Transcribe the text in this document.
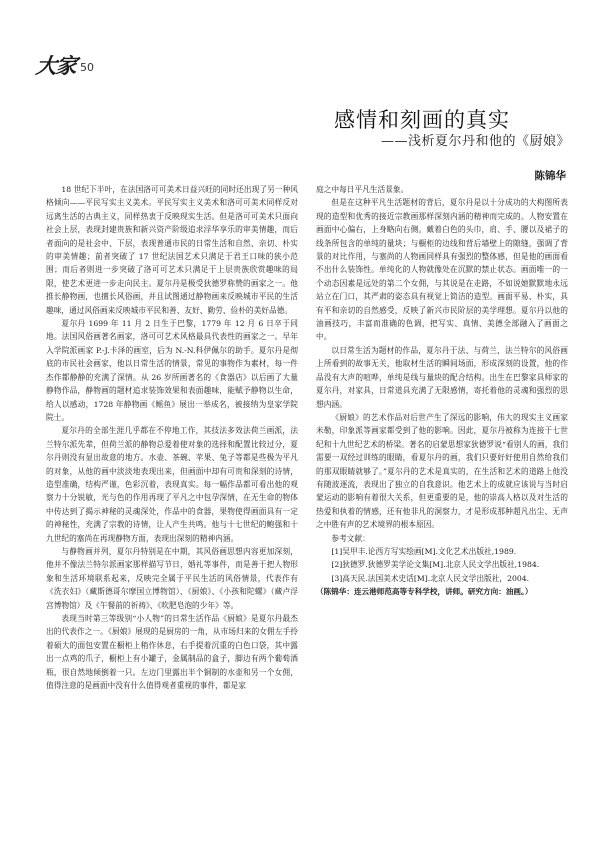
大家 50
感情和刻画的真实
——浅析夏尔丹和他的《厨娘》
陈锦华

18 世纪下半叶，在法国洛可可美术日益兴旺的同时还出现了另一种风格倾向——平民写实主义美术。平民写实主义美术和洛可可美术同样反对远离生活的古典主义，同样热衷于反映现实生活。但是洛可可美术只面向社会上层，表现封建贵族和新兴资产阶级追求浮华享乐的审美情趣，而后者面向的是社会中、下层，表现普通市民的日常生活和自然、亲切、朴实的审美情趣；前者突破了 17 世纪法国艺术只满足于君王口味的狭小范围；而后者则进一步突破了洛可可艺术只满足于上层贵族欣赏趣味的局限，使艺术更进一步走向民主。夏尔丹是极受狄德罗称赞的画家之一。他推长静物画，也擅长风俗画，并且试图通过静物画来反映城市平民的生活趣味，通过风俗画来反映城市平民和善、友好、勤劳、俭朴的美好品德。

夏尔丹 1699 年 11 月 2 日生于巴黎，1779 年 12 月 6 日卒于同地。法国风俗画著名画家，洛可可艺术风格最具代表性的画家之一。早年入学院派画家 P.-J.卡泽的画室，后为 N.-N.科伊佩尔的助手。夏尔丹是彻底的市民社会画家，他以日常生活的情景，常见的事物作为素材，每一件杰作都静静的充满了深情。从 26 岁所画著名的《食器店》以后画了大量静物作品，静物画的题材追求装饰效果和表面趣味，能赋予静物以生命，给人以感动，1728 年静物画《鳐鱼》展出一举成名，被接纳为皇家学院院士。

夏尔丹的全部生涯几乎都在不停地工作，其技法多效法荷兰画派，法兰特尔派先辈，但荷兰派的静物总爱着使对象的选择和配置比较过分，夏尔丹则没有显出故意的地方。水壶、茶碗、苹果、兔子等都是些极为平凡的对象，从他的画中淡淡地表现出来，但画面中却有可贵和深刻的诗情，造型准确，结构严谨，色彩沉着，表现真实。每一幅作品都可看出他的观察力十分锐敏，光与色的作用再现了平凡之中包孕深情，在无生命的物体中传达到了揭示神秘的灵魂深处，作品中的食器，果物使得画面具有一定的神秘性，充满了宗教的诗情，让人产生共鸣。他与十七世纪的鲍强和十九世纪的塞尚在再现静物方面，表现出深刻的精神内涵。

与静物画并列，夏尔丹特别是在中期，其风俗画思想内容更加深刻，他并不像法兰特尔派画家那样描写节日，婚礼等事件，而是善于把人物形象和生活环境联系起来，反映完全属于平民生活的风俗情景，代表作有《洗衣妇》（藏斯德哥尔摩国立博物馆）、《厨娘》、《小孩和陀螺》（藏卢浮宫博物馆）及《午餐前的祈祷》、《吹肥皂泡的少年》等。

表现当时第三等级别“小人物”的日常生活作品《厨娘》是夏尔丹最杰出的代表作之一。《厨娘》展现的是厨房的一角，从市场归来的女佣左手拎着硕大的面包安置在橱柜上稍作休息，右手提着沉重的白色口袋，其中露出一点鸡的爪子，橱柜上有小罐子，金属制品的盒子，脚边有两个葡萄酒瓶，很自然地倾倒着一只。左边门里露出半个铜制的水壶和另一个女佣，值得注意的是画面中没有什么值得观者重视的事件，都是家

庭之中每日平凡生活景象。

但是在这种平凡生活题材的背后，夏尔丹是以十分成功的大构图所表现的造型和优秀的接近宗教画那样深刻内涵的精神而完成的。人物安置在画面中心偏右，上身略向右侧。戴着白色的头巾，肩、手、腰以及裙子的线条所包含的单纯的量块；与橱柜的边线和背后墙壁上的隙缝，强调了背景的对比作用，与塞尚的人物画同样具有强烈的整体感，但是他的画面看不出什么装饰性。单纯化的人物就像处在沉默的禁止状态。画面唯一的一个动态因素是远处的第二个女佣，与其说是在走路，不如说她默默地永远站立在门口，其严肃的姿态具有视觉上简洁的造型。画面平易、朴实，具有平和亲切的自然感受，反映了新兴市民阶层的美学理想。夏尔丹以他的油画技巧，丰富而准确的色调，把写实、真情、美德全部融入了画面之中。

以日常生活为题材的作品，夏尔丹于法、与荷兰，法兰特尔的风俗画上所看到的故事无关，他取材生活的瞬间场面，形成深刻的设置，他的作品没有大声的喧哗，单纯是线与量块的配合结构。出生在巴黎家具师家的夏尔丹，对家具，日常道具充满了无限感情，寄托着他的灵魂和强烈的思想内涵。

《厨娘》的艺术作品对后世产生了深远的影响，伟大的现实主义画家米勒，印象派等画家都受到了他的影响。因此，夏尔丹被称为连接于七世纪和十九世纪艺术的桥梁。著名的启蒙思想家狄德罗说“看别人的画，我们需要一双经过训练的眼睛，看夏尔丹的画，我们只要好好使用自然给我们的那双眼睛就够了。”夏尔丹的艺术是真实的，在生活和艺术的道路上他没有随波逐流，表现出了独立的自我意识。他艺术上的成就应该说与当时启蒙运动的影响有着很大关系，但更重要的是，他的崇高人格以及对生活的热爱和执着的情感，还有他非凡的洞察力，才是形成那种超凡出尘、无声之中胜有声的艺术境界的根本原因。

参考文献：

[1]吴甲丰.论西方写实绘画[M].文化艺术出版社,1989.

[2]狄德罗.狄德罗美学论文集[M].北京人民文学出版社,1984.

[3]高天民.法国美术史话[M].北京人民文学出版社，2004.

（陈锦华：连云港师范高等专科学校，讲师。研究方向：油画。）
